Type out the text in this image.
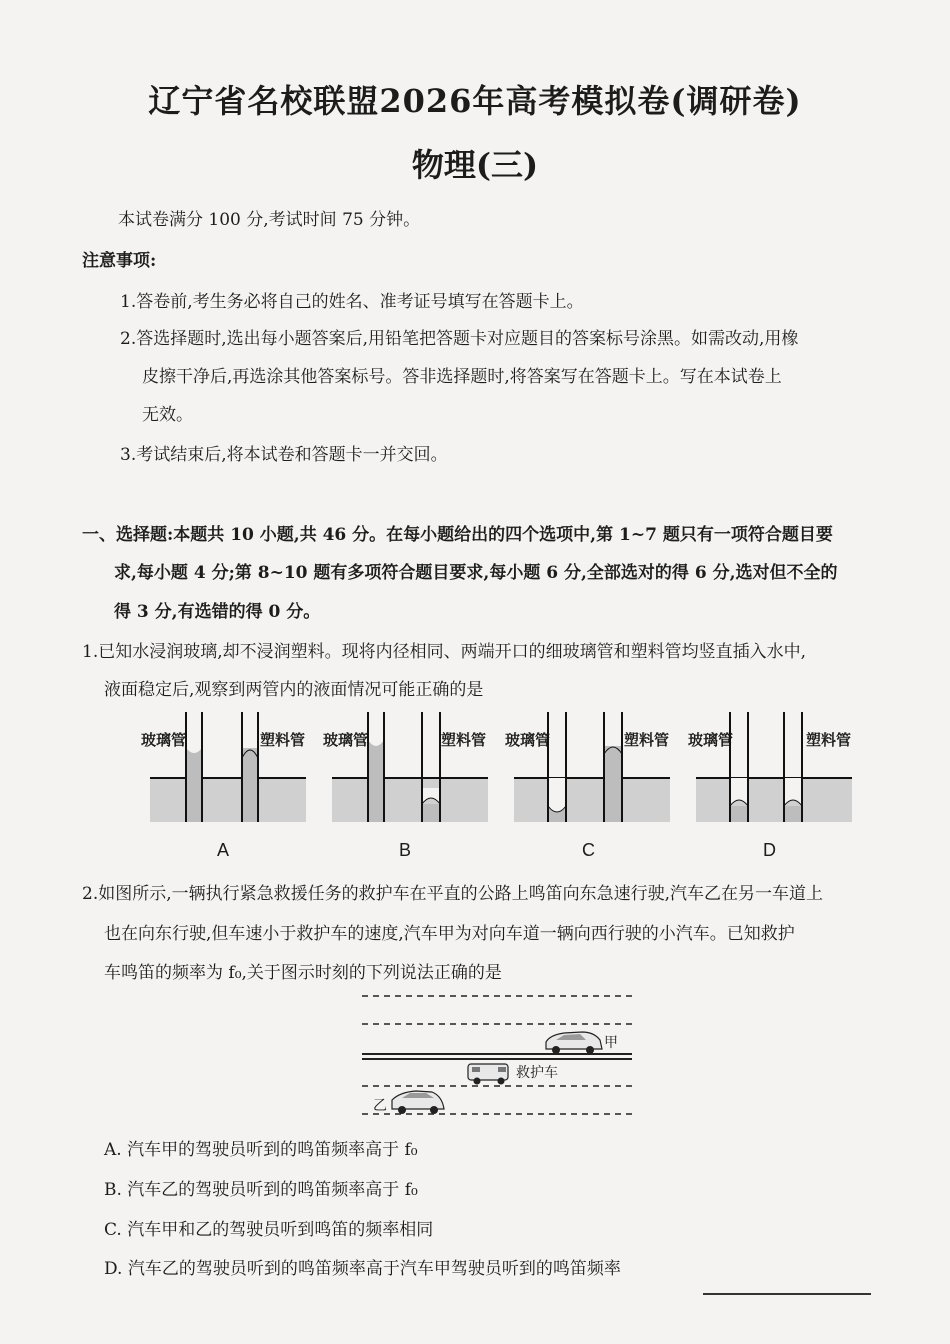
辽宁省名校联盟2026年高考模拟卷(调研卷)
物理(三)
本试卷满分 100 分,考试时间 75 分钟。
注意事项:
1.答卷前,考生务必将自己的姓名、准考证号填写在答题卡上。
2.答选择题时,选出每小题答案后,用铅笔把答题卡对应题目的答案标号涂黑。如需改动,用橡
皮擦干净后,再选涂其他答案标号。答非选择题时,将答案写在答题卡上。写在本试卷上
无效。
3.考试结束后,将本试卷和答题卡一并交回。
一、选择题:本题共 10 小题,共 46 分。在每小题给出的四个选项中,第 1~7 题只有一项符合题目要
求,每小题 4 分;第 8~10 题有多项符合题目要求,每小题 6 分,全部选对的得 6 分,选对但不全的
得 3 分,有选错的得 0 分。
1.已知水浸润玻璃,却不浸润塑料。现将内径相同、两端开口的细玻璃管和塑料管均竖直插入水中,
液面稳定后,观察到两管内的液面情况可能正确的是
玻璃管	塑料管
A
玻璃管	塑料管
B
玻璃管	塑料管
C
玻璃管	塑料管
D
2.如图所示,一辆执行紧急救援任务的救护车在平直的公路上鸣笛向东急速行驶,汽车乙在另一车道上
也在向东行驶,但车速小于救护车的速度,汽车甲为对向车道一辆向西行驶的小汽车。已知救护
车鸣笛的频率为 f₀,关于图示时刻的下列说法正确的是
甲
救护车
乙
A. 汽车甲的驾驶员听到的鸣笛频率高于 f₀
B. 汽车乙的驾驶员听到的鸣笛频率高于 f₀
C. 汽车甲和乙的驾驶员听到鸣笛的频率相同
D. 汽车乙的驾驶员听到的鸣笛频率高于汽车甲驾驶员听到的鸣笛频率
